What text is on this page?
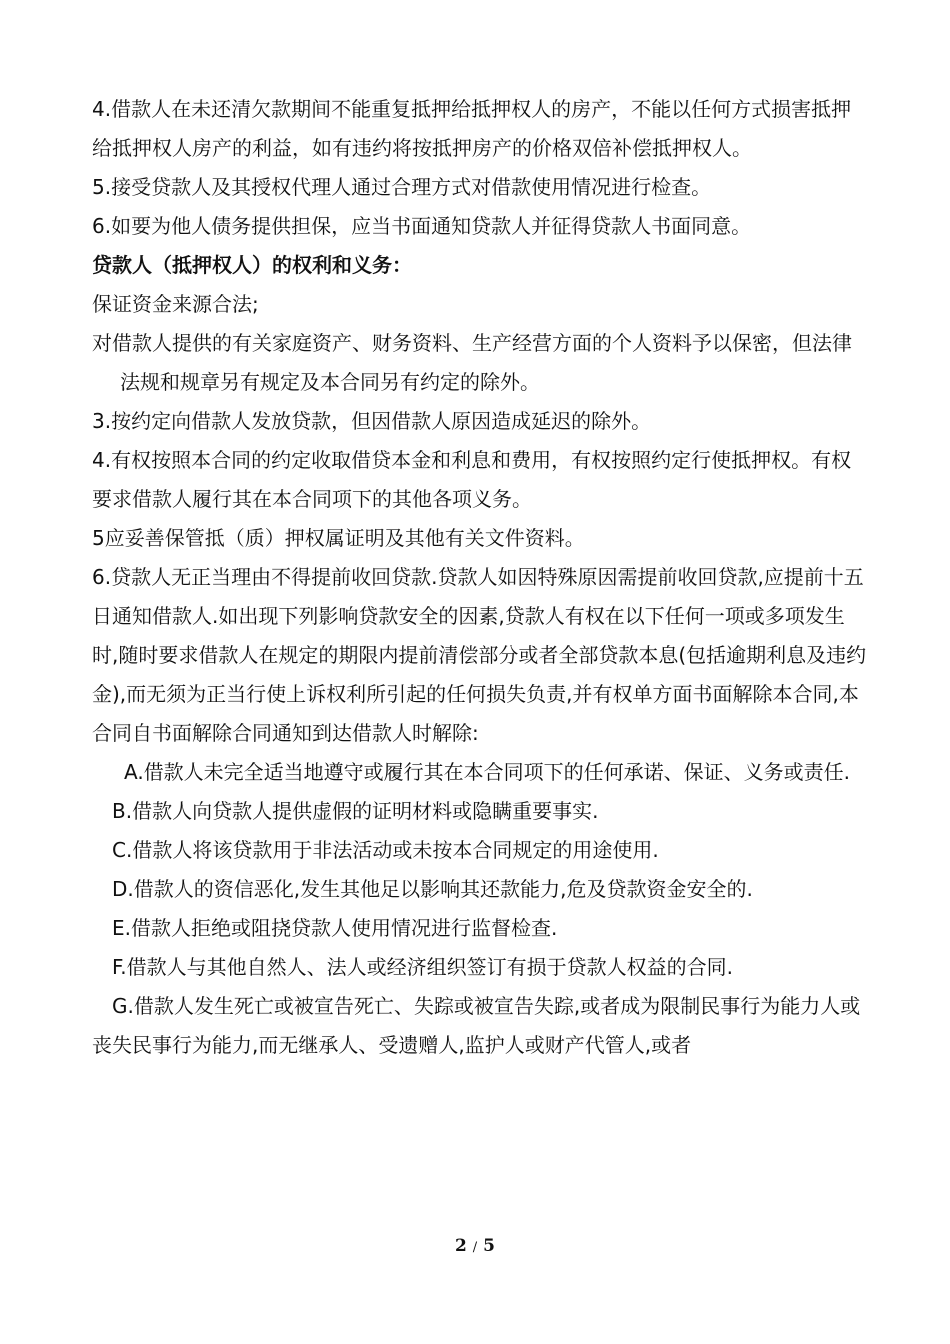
4.借款人在未还清欠款期间不能重复抵押给抵押权人的房产，不能以任何方式损害抵押给抵押权人房产的利益，如有违约将按抵押房产的价格双倍补偿抵押权人。

5.接受贷款人及其授权代理人通过合理方式对借款使用情况进行检查。

6.如要为他人债务提供担保，应当书面通知贷款人并征得贷款人书面同意。

贷款人（抵押权人）的权利和义务：

保证资金来源合法;

对借款人提供的有关家庭资产、财务资料、生产经营方面的个人资料予以保密，但法律法规和规章另有规定及本合同另有约定的除外。

3.按约定向借款人发放贷款，但因借款人原因造成延迟的除外。

4.有权按照本合同的约定收取借贷本金和利息和费用，有权按照约定行使抵押权。有权要求借款人履行其在本合同项下的其他各项义务。

5应妥善保管抵（质）押权属证明及其他有关文件资料。

6.贷款人无正当理由不得提前收回贷款.贷款人如因特殊原因需提前收回贷款,应提前十五日通知借款人.如出现下列影响贷款安全的因素,贷款人有权在以下任何一项或多项发生时,随时要求借款人在规定的期限内提前清偿部分或者全部贷款本息(包括逾期利息及违约金),而无须为正当行使上诉权利所引起的任何损失负责,并有权单方面书面解除本合同,本合同自书面解除合同通知到达借款人时解除:

A.借款人未完全适当地遵守或履行其在本合同项下的任何承诺、保证、义务或责任.

B.借款人向贷款人提供虚假的证明材料或隐瞒重要事实.

C.借款人将该贷款用于非法活动或未按本合同规定的用途使用.

D.借款人的资信恶化,发生其他足以影响其还款能力,危及贷款资金安全的.

E.借款人拒绝或阻挠贷款人使用情况进行监督检查.

F.借款人与其他自然人、法人或经济组织签订有损于贷款人权益的合同.

G.借款人发生死亡或被宣告死亡、失踪或被宣告失踪,或者成为限制民事行为能力人或丧失民事行为能力,而无继承人、受遗赠人,监护人或财产代管人,或者

2 / 5
